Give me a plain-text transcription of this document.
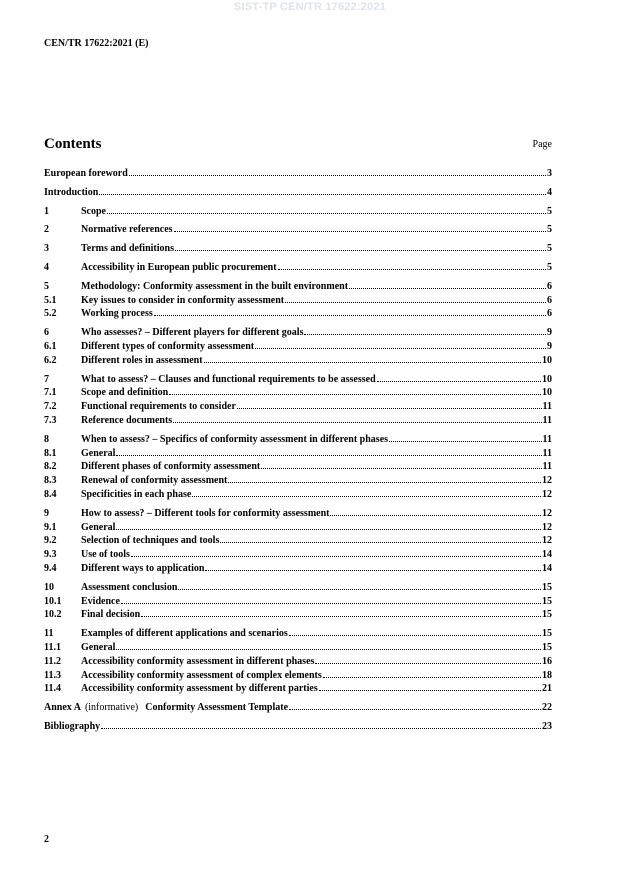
SIST-TP CEN/TR 17622:2021
CEN/TR 17622:2021 (E)
Contents	Page
European foreword	3
Introduction	4
1	Scope	5
2	Normative references	5
3	Terms and definitions	5
4	Accessibility in European public procurement	5
5	Methodology: Conformity assessment in the built environment	6
5.1	Key issues to consider in conformity assessment	6
5.2	Working process	6
6	Who assesses? – Different players for different goals	9
6.1	Different types of conformity assessment	9
6.2	Different roles in assessment	10
7	What to assess? – Clauses and functional requirements to be assessed	10
7.1	Scope and definition	10
7.2	Functional requirements to consider	11
7.3	Reference documents	11
8	When to assess? – Specifics of conformity assessment in different phases	11
8.1	General	11
8.2	Different phases of conformity assessment	11
8.3	Renewal of conformity assessment	12
8.4	Specificities in each phase	12
9	How to assess? – Different tools for conformity assessment	12
9.1	General	12
9.2	Selection of techniques and tools	12
9.3	Use of tools	14
9.4	Different ways to application	14
10	Assessment conclusion	15
10.1	Evidence	15
10.2	Final decision	15
11	Examples of different applications and scenarios	15
11.1	General	15
11.2	Accessibility conformity assessment in different phases	16
11.3	Accessibility conformity assessment of complex elements	18
11.4	Accessibility conformity assessment by different parties	21
Annex A (informative) Conformity Assessment Template	22
Bibliography	23
2
